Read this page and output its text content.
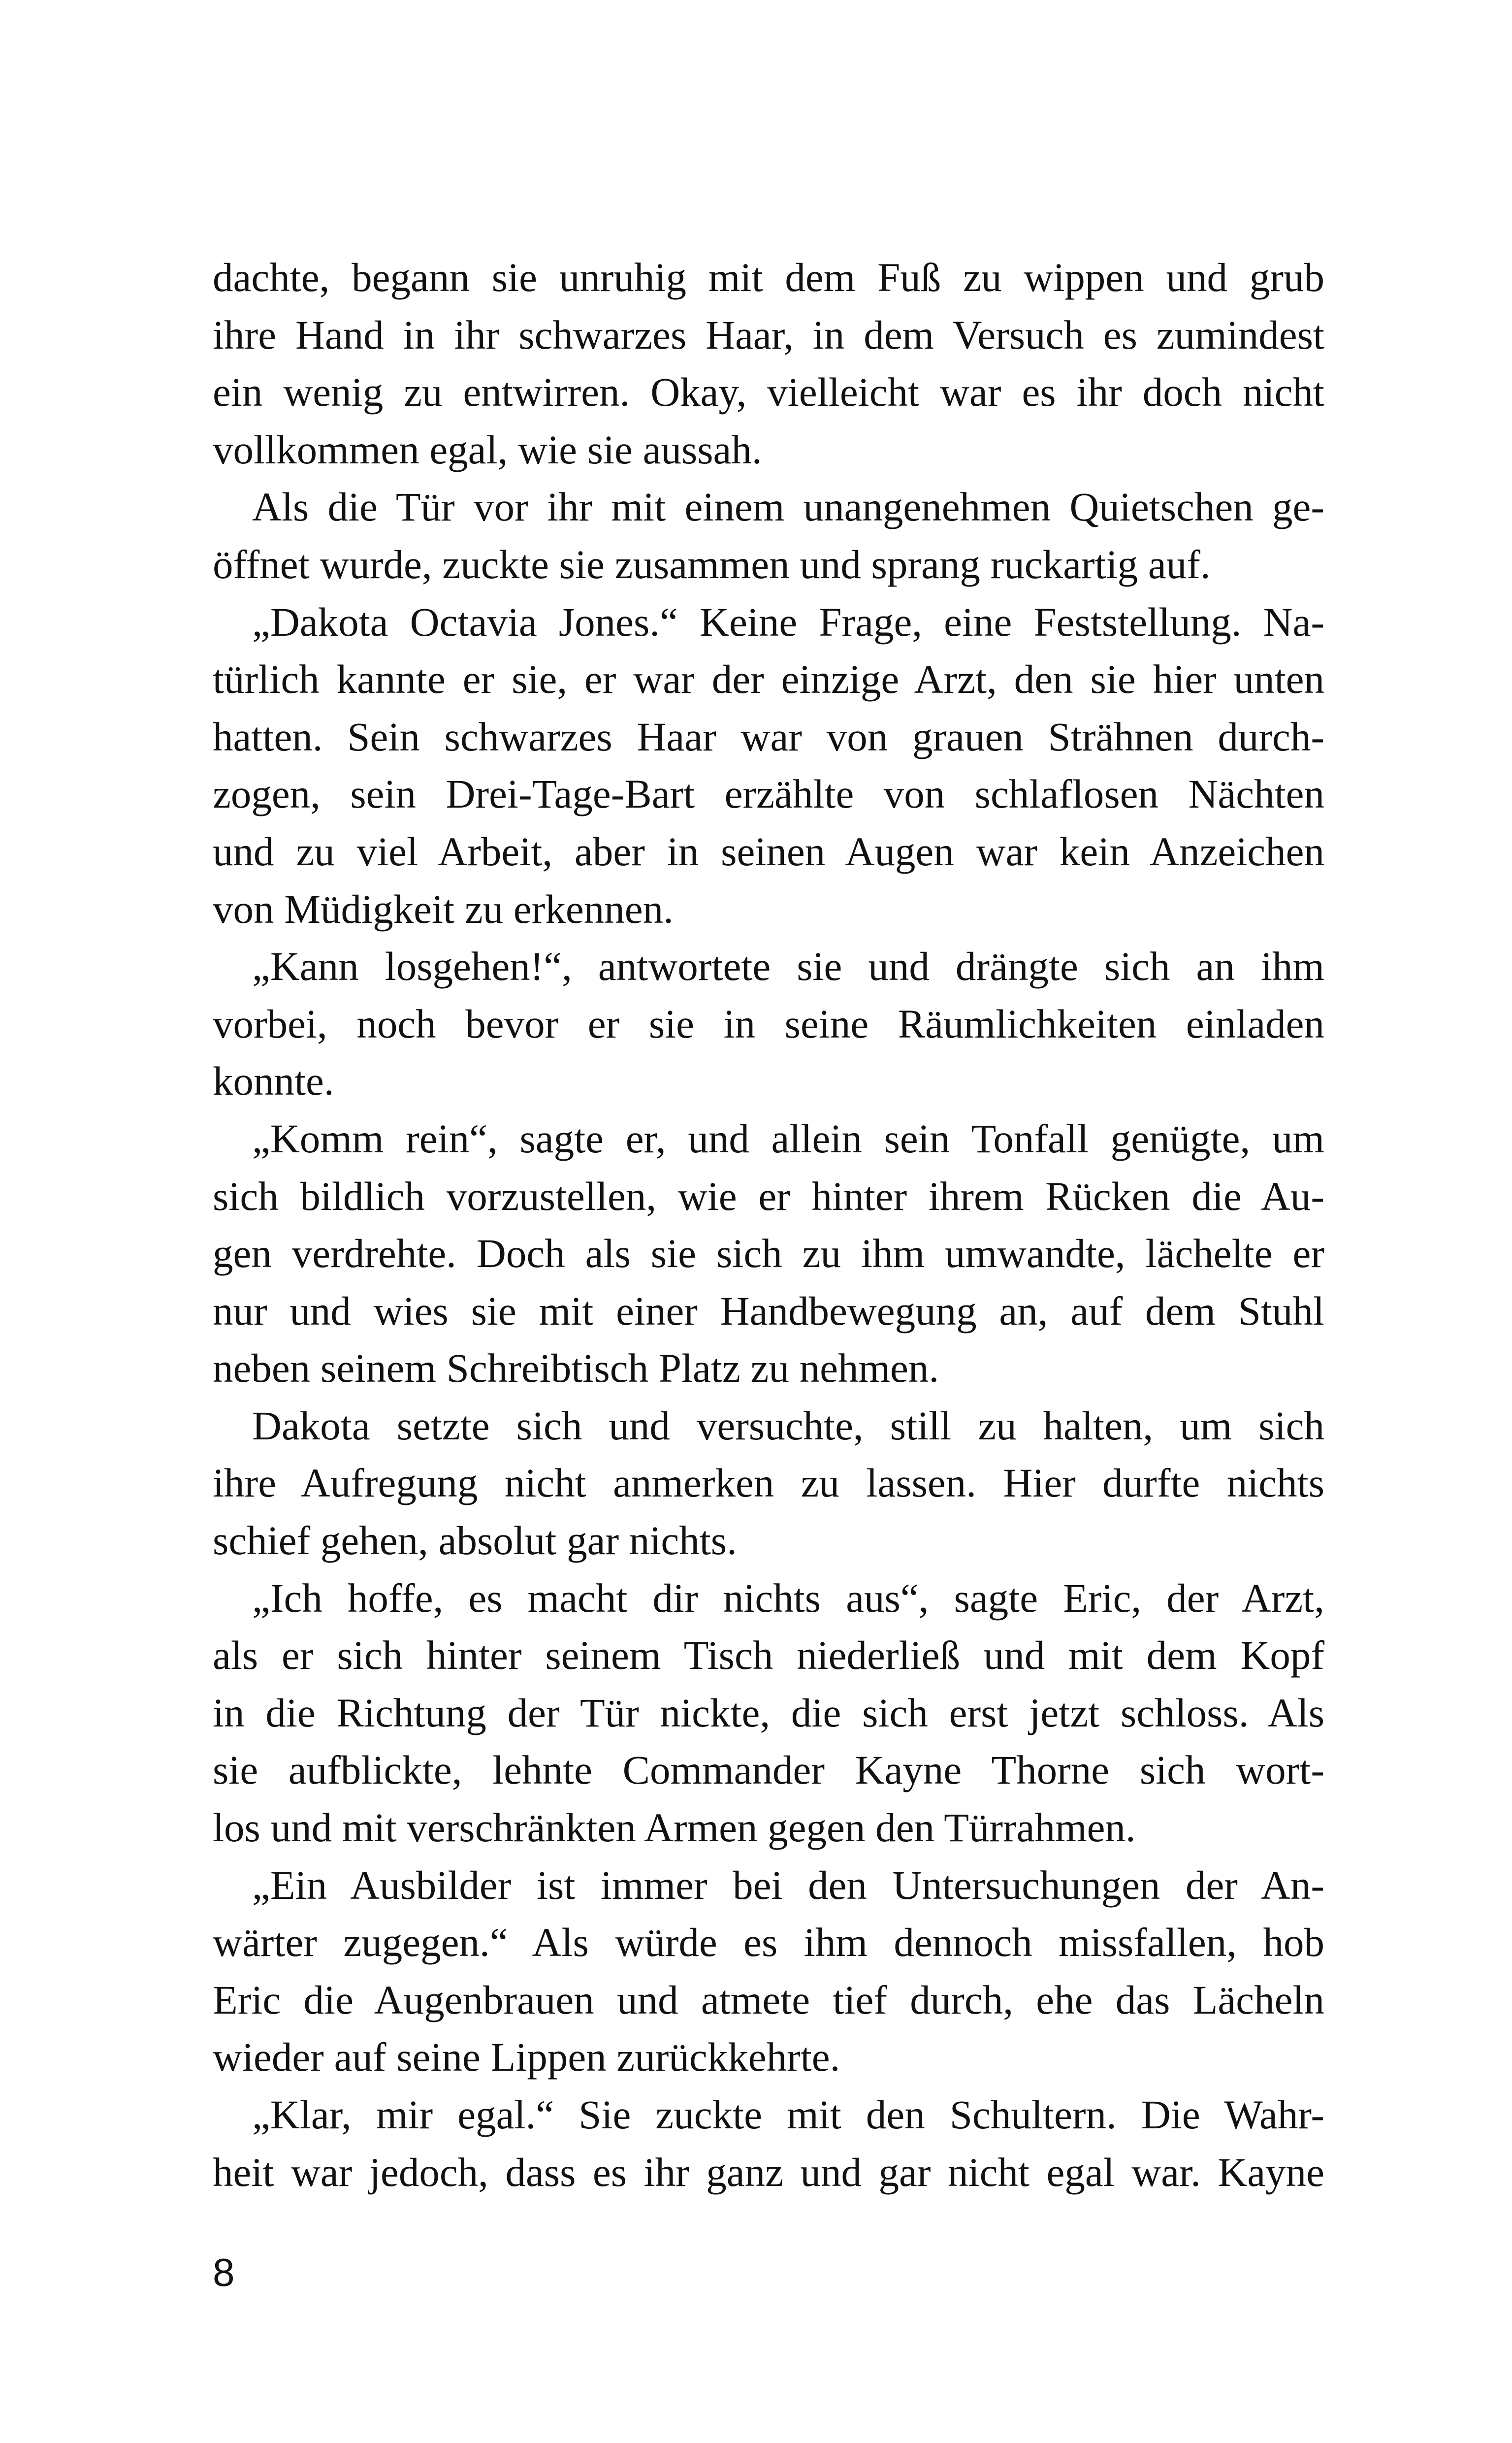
dachte, begann sie unruhig mit dem Fuß zu wippen und grub
ihre Hand in ihr schwarzes Haar, in dem Versuch es zumindest
ein wenig zu entwirren. Okay, vielleicht war es ihr doch nicht
vollkommen egal, wie sie aussah.
Als die Tür vor ihr mit einem unangenehmen Quietschen ge-
öffnet wurde, zuckte sie zusammen und sprang ruckartig auf.
„Dakota Octavia Jones.“ Keine Frage, eine Feststellung. Na-
türlich kannte er sie, er war der einzige Arzt, den sie hier unten
hatten. Sein schwarzes Haar war von grauen Strähnen durch-
zogen, sein Drei-Tage-Bart erzählte von schlaflosen Nächten
und zu viel Arbeit, aber in seinen Augen war kein Anzeichen
von Müdigkeit zu erkennen.
„Kann losgehen!“, antwortete sie und drängte sich an ihm
vorbei, noch bevor er sie in seine Räumlichkeiten einladen
konnte.
„Komm rein“, sagte er, und allein sein Tonfall genügte, um
sich bildlich vorzustellen, wie er hinter ihrem Rücken die Au-
gen verdrehte. Doch als sie sich zu ihm umwandte, lächelte er
nur und wies sie mit einer Handbewegung an, auf dem Stuhl
neben seinem Schreibtisch Platz zu nehmen.
Dakota setzte sich und versuchte, still zu halten, um sich
ihre Aufregung nicht anmerken zu lassen. Hier durfte nichts
schief gehen, absolut gar nichts.
„Ich hoffe, es macht dir nichts aus“, sagte Eric, der Arzt,
als er sich hinter seinem Tisch niederließ und mit dem Kopf
in die Richtung der Tür nickte, die sich erst jetzt schloss. Als
sie aufblickte, lehnte Commander Kayne Thorne sich wort-
los und mit verschränkten Armen gegen den Türrahmen.
„Ein Ausbilder ist immer bei den Untersuchungen der An-
wärter zugegen.“ Als würde es ihm dennoch missfallen, hob
Eric die Augenbrauen und atmete tief durch, ehe das Lächeln
wieder auf seine Lippen zurückkehrte.
„Klar, mir egal.“ Sie zuckte mit den Schultern. Die Wahr-
heit war jedoch, dass es ihr ganz und gar nicht egal war. Kayne
8
